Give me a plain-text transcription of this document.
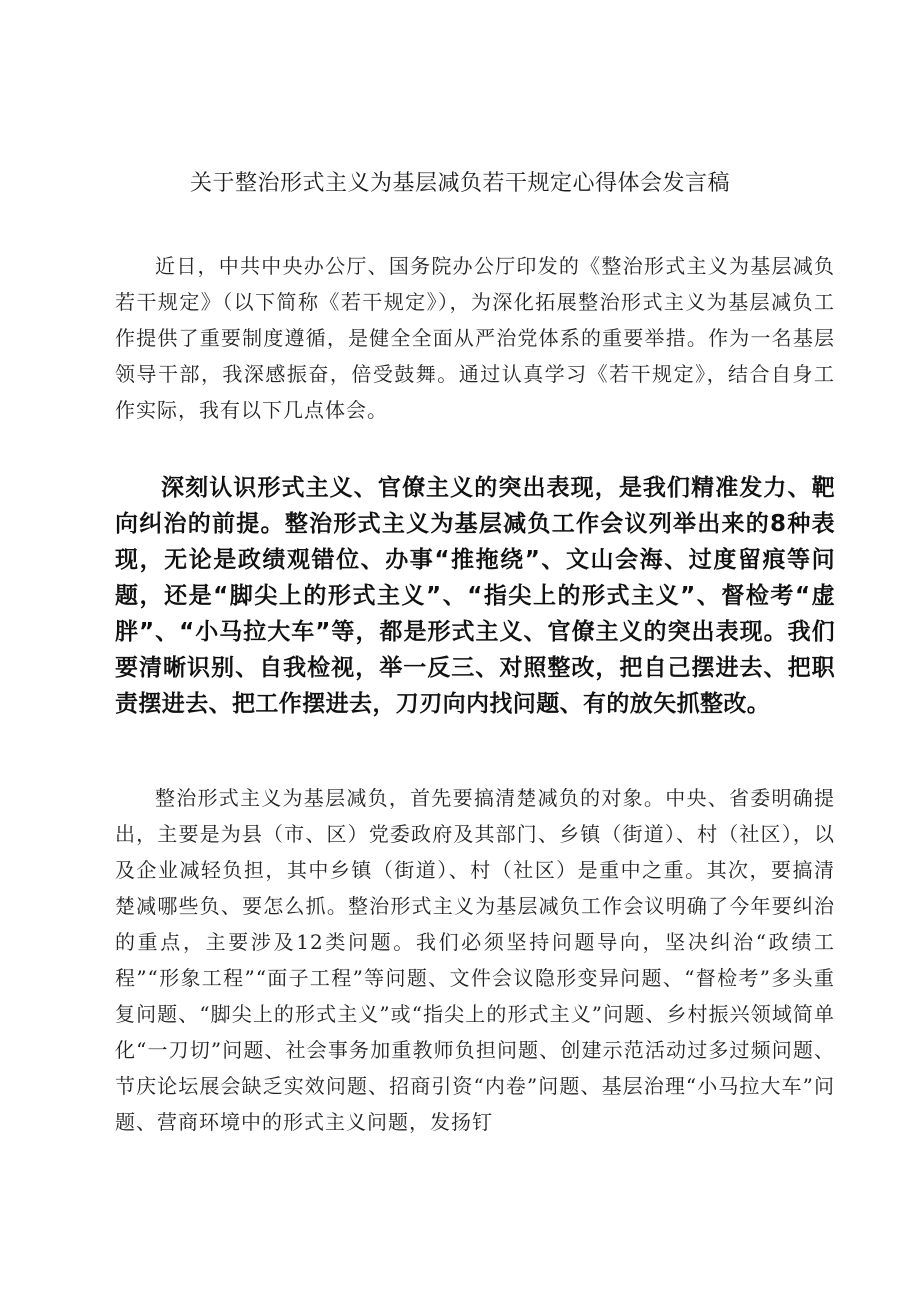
关于整治形式主义为基层减负若干规定心得体会发言稿

近日，中共中央办公厅、国务院办公厅印发的《整治形式主义为基层减负若干规定》（以下简称《若干规定》），为深化拓展整治形式主义为基层减负工作提供了重要制度遵循，是健全全面从严治党体系的重要举措。作为一名基层领导干部，我深感振奋，倍受鼓舞。通过认真学习《若干规定》，结合自身工作实际，我有以下几点体会。

深刻认识形式主义、官僚主义的突出表现，是我们精准发力、靶向纠治的前提。整治形式主义为基层减负工作会议列举出来的8种表现，无论是政绩观错位、办事“推拖绕”、文山会海、过度留痕等问题，还是“脚尖上的形式主义”、“指尖上的形式主义”、督检考“虚胖”、“小马拉大车”等，都是形式主义、官僚主义的突出表现。我们要清晰识别、自我检视，举一反三、对照整改，把自己摆进去、把职责摆进去、把工作摆进去，刀刃向内找问题、有的放矢抓整改。

整治形式主义为基层减负，首先要搞清楚减负的对象。中央、省委明确提出，主要是为县（市、区）党委政府及其部门、乡镇（街道）、村（社区），以及企业减轻负担，其中乡镇（街道）、村（社区）是重中之重。其次，要搞清楚减哪些负、要怎么抓。整治形式主义为基层减负工作会议明确了今年要纠治的重点，主要涉及12类问题。我们必须坚持问题导向，坚决纠治“政绩工程”“形象工程”“面子工程”等问题、文件会议隐形变异问题、“督检考”多头重复问题、“脚尖上的形式主义”或“指尖上的形式主义”问题、乡村振兴领域简单化“一刀切”问题、社会事务加重教师负担问题、创建示范活动过多过频问题、节庆论坛展会缺乏实效问题、招商引资“内卷”问题、基层治理“小马拉大车”问题、营商环境中的形式主义问题，发扬钉
